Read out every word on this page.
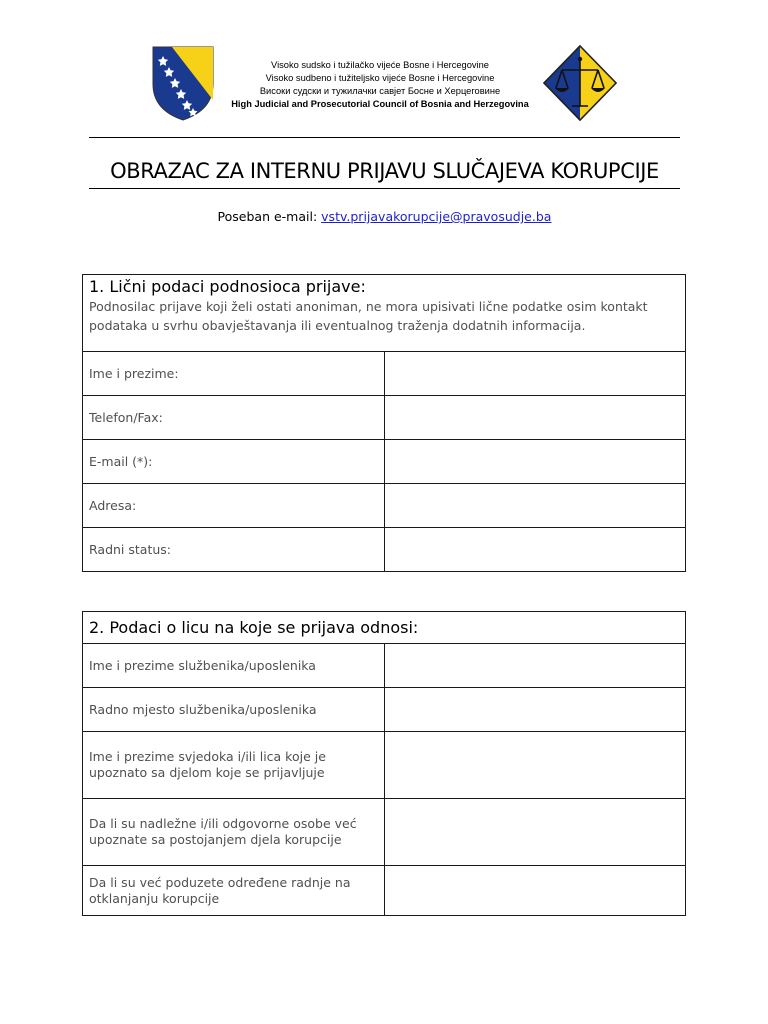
Visoko sudsko i tužilačko vijeće Bosne i Hercegovine
Visoko sudbeno i tužiteljsko vijeće Bosne i Hercegovine
Високи судски и тужилачки савјет Босне и Херцеговине
High Judicial and Prosecutorial Council of Bosnia and Herzegovina
OBRAZAC ZA INTERNU PRIJAVU SLUČAJEVA KORUPCIJE
Poseban e-mail: vstv.prijavakorupcije@pravosudje.ba
1. Lični podaci podnosioca prijave:
Podnosilac prijave koji želi ostati anoniman, ne mora upisivati lične podatke osim kontakt podataka u svrhu obavještavanja ili eventualnog traženja dodatnih informacija.	

Ime i prezime:	
Telefon/Fax:	
E-mail (*):	
Adresa:	
Radni status:	
2. Podaci o licu na koje se prijava odnosi:	

Ime i prezime službenika/uposlenika	
Radno mjesto službenika/uposlenika	
Ime i prezime svjedoka i/ili lica koje je upoznato sa djelom koje se prijavljuje	
Da li su nadležne i/ili odgovorne osobe već upoznate sa postojanjem djela korupcije	
Da li su već poduzete određene radnje na otklanjanju korupcije	
